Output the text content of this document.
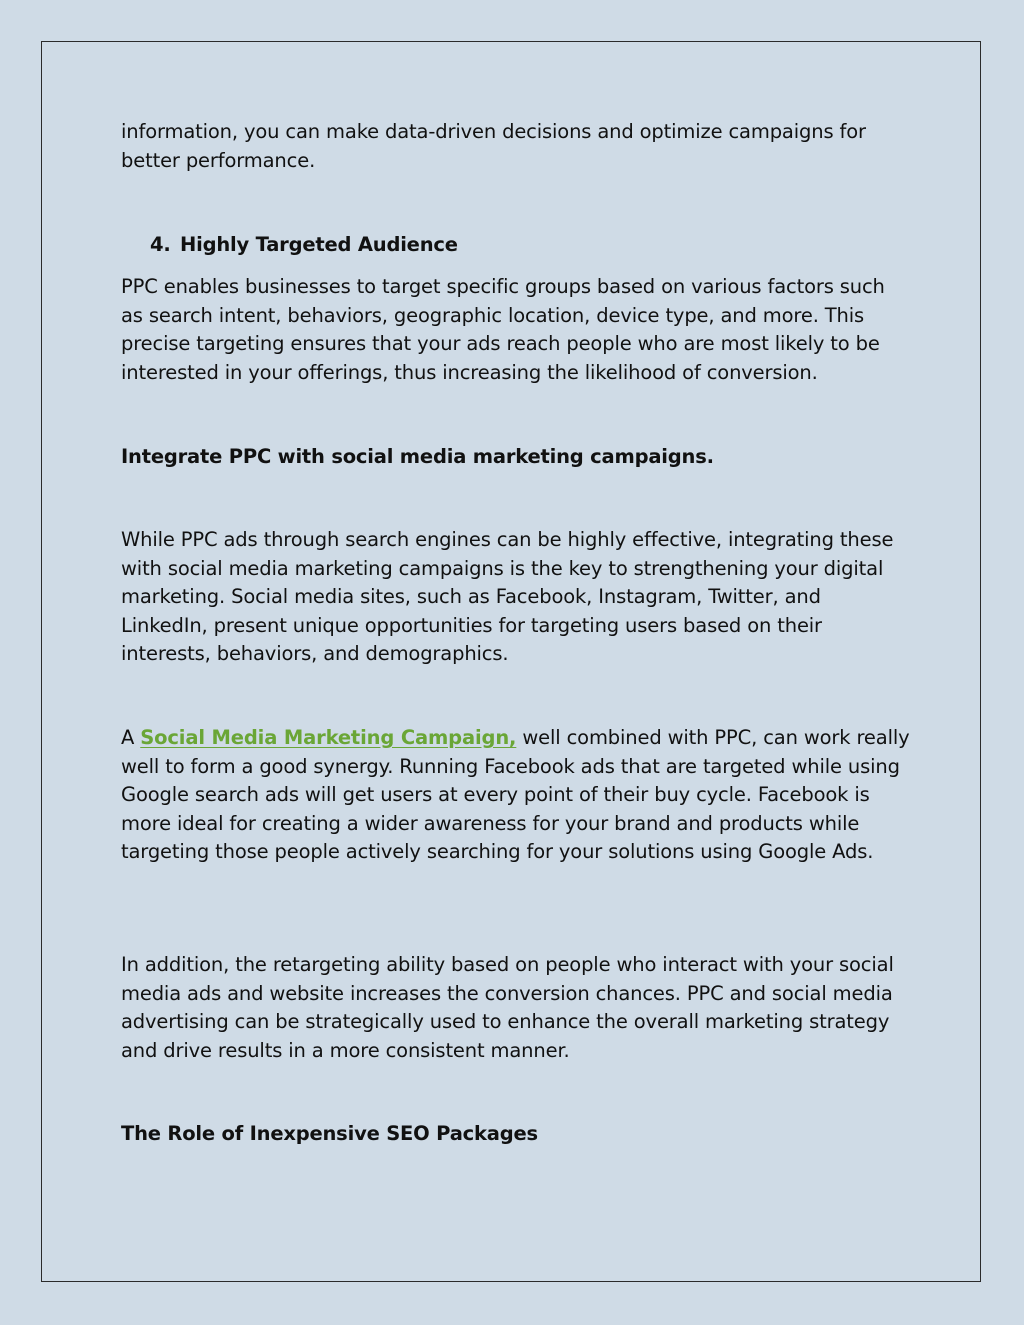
information, you can make data-driven decisions and optimize campaigns for better performance.

4. Highly Targeted Audience

PPC enables businesses to target specific groups based on various factors such as search intent, behaviors, geographic location, device type, and more. This precise targeting ensures that your ads reach people who are most likely to be interested in your offerings, thus increasing the likelihood of conversion.

Integrate PPC with social media marketing campaigns.

While PPC ads through search engines can be highly effective, integrating these with social media marketing campaigns is the key to strengthening your digital marketing. Social media sites, such as Facebook, Instagram, Twitter, and LinkedIn, present unique opportunities for targeting users based on their interests, behaviors, and demographics.

A Social Media Marketing Campaign, well combined with PPC, can work really well to form a good synergy. Running Facebook ads that are targeted while using Google search ads will get users at every point of their buy cycle. Facebook is more ideal for creating a wider awareness for your brand and products while targeting those people actively searching for your solutions using Google Ads.

In addition, the retargeting ability based on people who interact with your social media ads and website increases the conversion chances. PPC and social media advertising can be strategically used to enhance the overall marketing strategy and drive results in a more consistent manner.

The Role of Inexpensive SEO Packages
